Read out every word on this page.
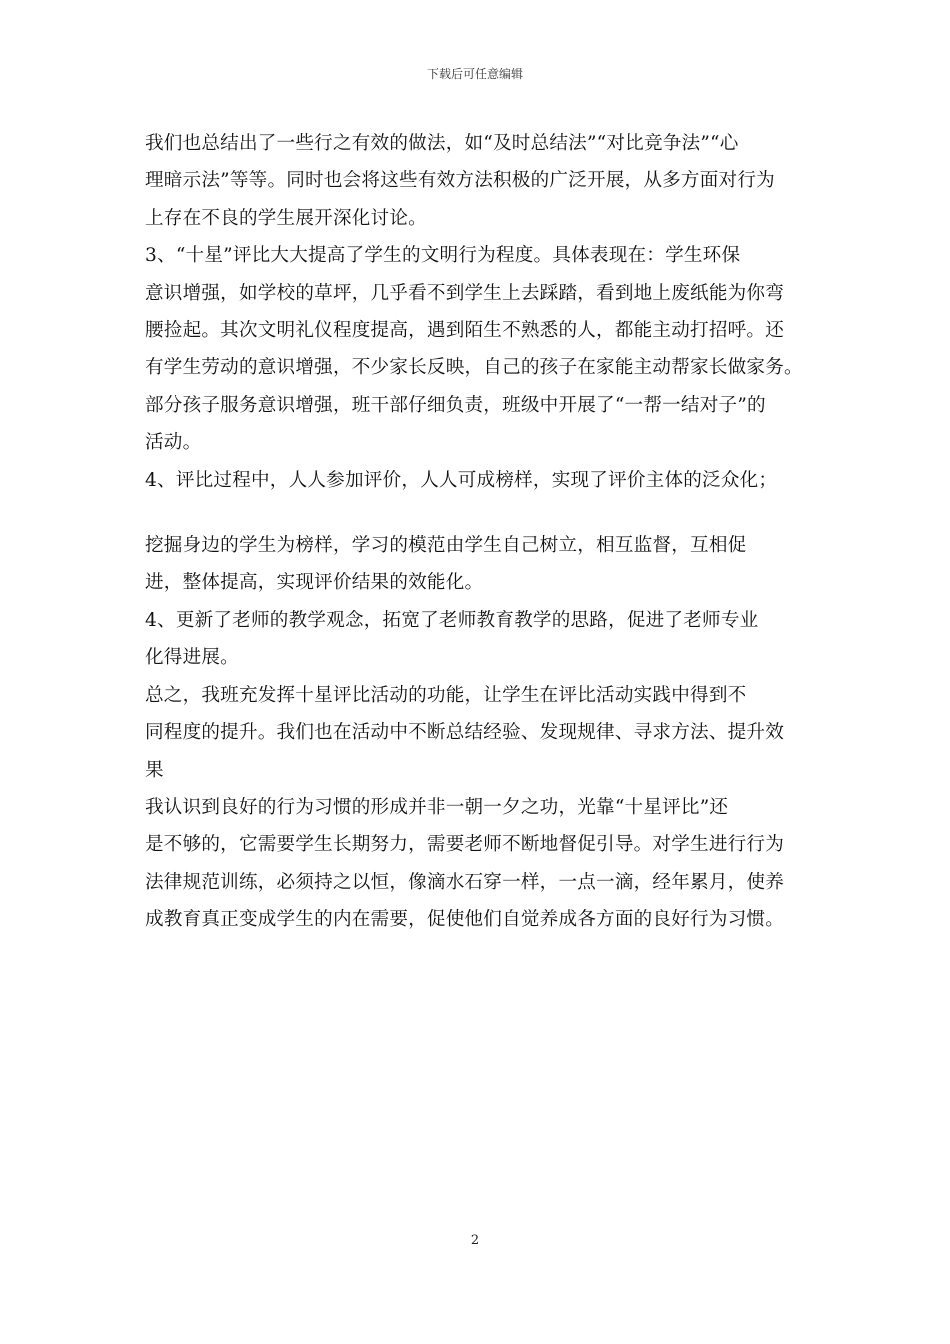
下载后可任意编辑

我们也总结出了一些行之有效的做法，如“及时总结法”“对比竞争法”“心
理暗示法”等等。同时也会将这些有效方法积极的广泛开展，从多方面对行为
上存在不良的学生展开深化讨论。

3、“十星”评比大大提高了学生的文明行为程度。具体表现在：学生环保
意识增强，如学校的草坪，几乎看不到学生上去踩踏，看到地上废纸能为你弯
腰捡起。其次文明礼仪程度提高，遇到陌生不熟悉的人，都能主动打招呼。还
有学生劳动的意识增强，不少家长反映，自己的孩子在家能主动帮家长做家务。
部分孩子服务意识增强，班干部仔细负责，班级中开展了“一帮一结对子”的
活动。

4、评比过程中，人人参加评价，人人可成榜样，实现了评价主体的泛众化；

挖掘身边的学生为榜样，学习的模范由学生自己树立，相互监督，互相促
进，整体提高，实现评价结果的效能化。

4、更新了老师的教学观念，拓宽了老师教育教学的思路，促进了老师专业
化得进展。

总之，我班充发挥十星评比活动的功能，让学生在评比活动实践中得到不
同程度的提升。我们也在活动中不断总结经验、发现规律、寻求方法、提升效
果

我认识到良好的行为习惯的形成并非一朝一夕之功，光靠“十星评比”还
是不够的，它需要学生长期努力，需要老师不断地督促引导。对学生进行行为
法律规范训练，必须持之以恒，像滴水石穿一样，一点一滴，经年累月，使养
成教育真正变成学生的内在需要，促使他们自觉养成各方面的良好行为习惯。

2
